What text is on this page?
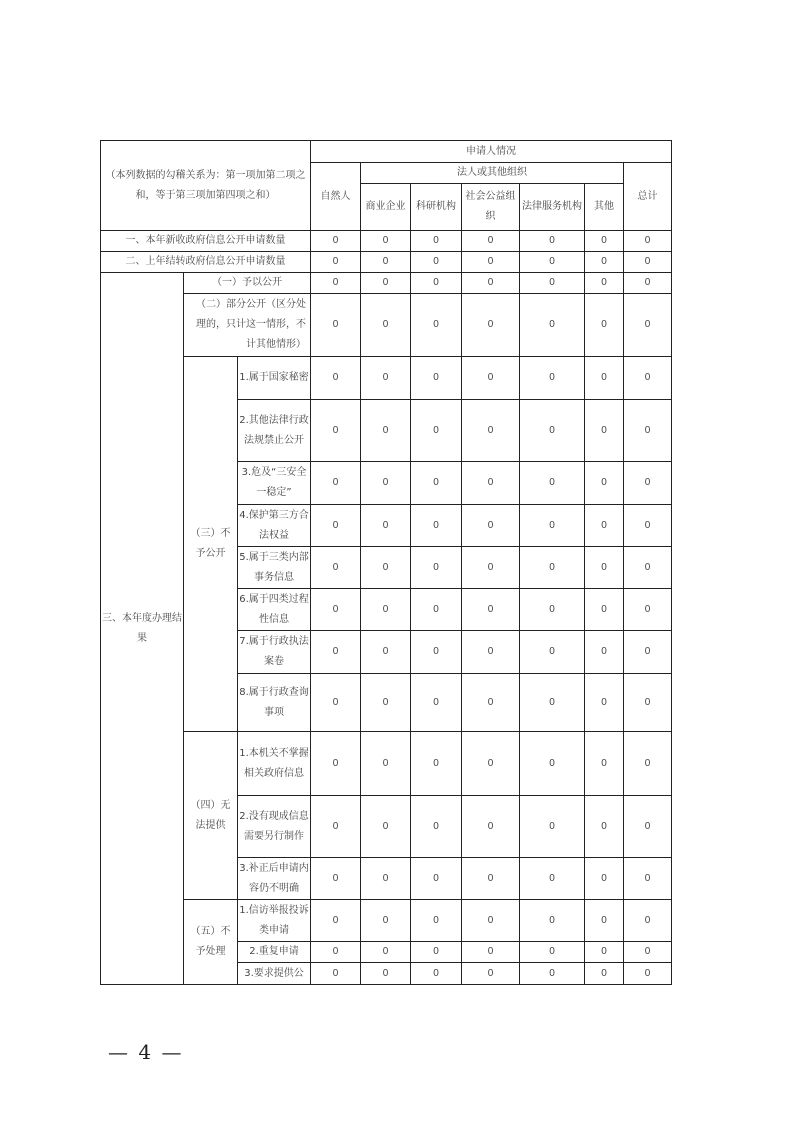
（本列数据的勾稽关系为：第一项加第二项之和，等于第三项加第四项之和）			申请人情况						
			自然人	法人或其他组织					总计
				商业企业	科研机构	社会公益组织	法律服务机构	其他	
一、本年新收政府信息公开申请数量			0	0	0	0	0	0	0
二、上年结转政府信息公开申请数量			0	0	0	0	0	0	0
三、本年度办理结果	（一）予以公开		0	0	0	0	0	0	0
	（二）部分公开（区分处理的，只计这一情形，不计其他情形）		0	0	0	0	0	0	0
	（三）不予公开	1.属于国家秘密	0	0	0	0	0	0	0
		2.其他法律行政法规禁止公开	0	0	0	0	0	0	0
		3.危及“三安全一稳定”	0	0	0	0	0	0	0
		4.保护第三方合法权益	0	0	0	0	0	0	0
		5.属于三类内部事务信息	0	0	0	0	0	0	0
		6.属于四类过程性信息	0	0	0	0	0	0	0
		7.属于行政执法案卷	0	0	0	0	0	0	0
		8.属于行政查询事项	0	0	0	0	0	0	0
	（四）无法提供	1.本机关不掌握相关政府信息	0	0	0	0	0	0	0
		2.没有现成信息需要另行制作	0	0	0	0	0	0	0
		3.补正后申请内容仍不明确	0	0	0	0	0	0	0
	（五）不予处理	1.信访举报投诉类申请	0	0	0	0	0	0	0
		2.重复申请	0	0	0	0	0	0	0
		3.要求提供公	0	0	0	0	0	0	0
— 4 —
